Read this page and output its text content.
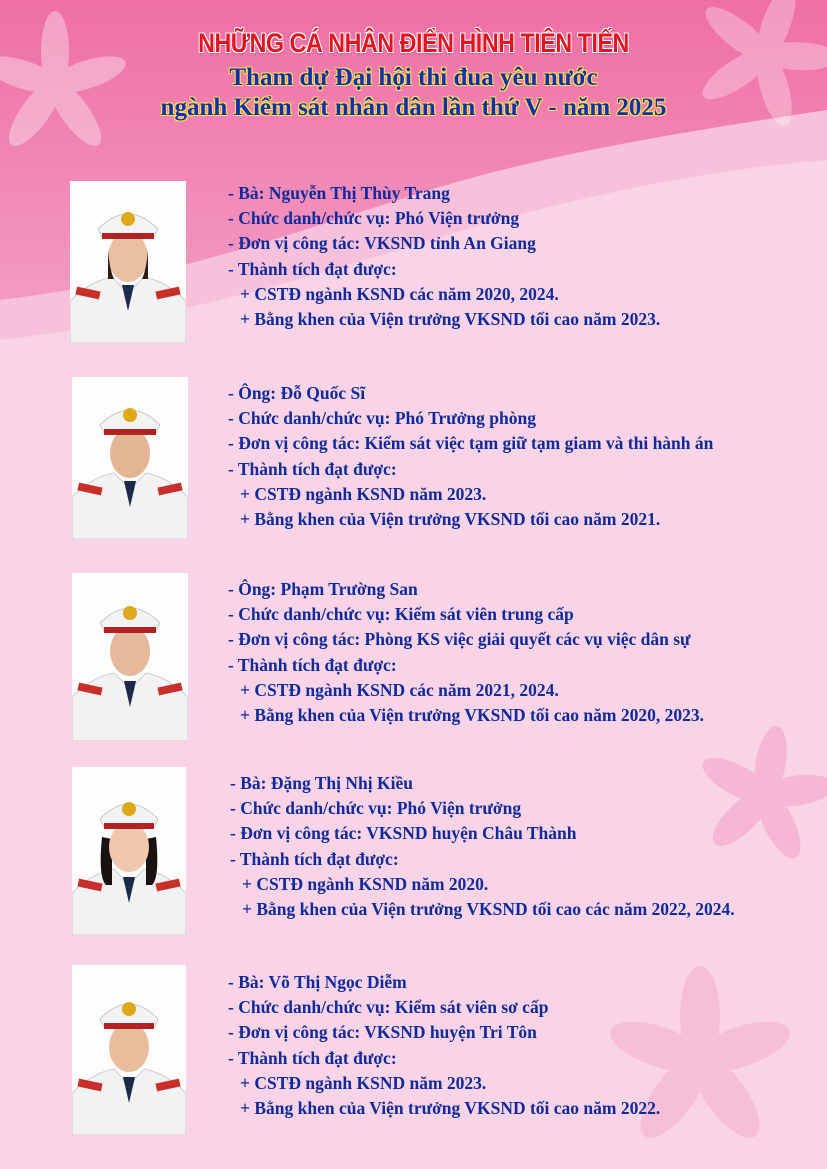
NHỮNG CÁ NHÂN ĐIỂN HÌNH TIÊN TIẾN
Tham dự Đại hội thi đua yêu nước
ngành Kiểm sát nhân dân lần thứ V - năm 2025
- Bà: Nguyễn Thị Thùy Trang
- Chức danh/chức vụ: Phó Viện trưởng
- Đơn vị công tác: VKSND tỉnh An Giang
- Thành tích đạt được:
+ CSTĐ ngành KSND các năm 2020, 2024.
+ Bằng khen của Viện trưởng VKSND tối cao năm 2023.
- Ông: Đỗ Quốc Sĩ
- Chức danh/chức vụ: Phó Trưởng phòng
- Đơn vị công tác: Kiểm sát việc tạm giữ tạm giam và thi hành án
- Thành tích đạt được:
+ CSTĐ ngành KSND năm 2023.
+ Bằng khen của Viện trưởng VKSND tối cao năm 2021.
- Ông: Phạm Trường San
- Chức danh/chức vụ: Kiểm sát viên trung cấp
- Đơn vị công tác: Phòng KS việc giải quyết các vụ việc dân sự
- Thành tích đạt được:
+ CSTĐ ngành KSND các năm 2021, 2024.
+ Bằng khen của Viện trưởng VKSND tối cao năm 2020, 2023.
- Bà: Đặng Thị Nhị Kiều
- Chức danh/chức vụ: Phó Viện trưởng
- Đơn vị công tác: VKSND huyện Châu Thành
- Thành tích đạt được:
+ CSTĐ ngành KSND năm 2020.
+ Bằng khen của Viện trưởng VKSND tối cao các năm 2022, 2024.
- Bà: Võ Thị Ngọc Diễm
- Chức danh/chức vụ: Kiểm sát viên sơ cấp
- Đơn vị công tác: VKSND huyện Tri Tôn
- Thành tích đạt được:
+ CSTĐ ngành KSND năm 2023.
+ Bằng khen của Viện trưởng VKSND tối cao năm 2022.
